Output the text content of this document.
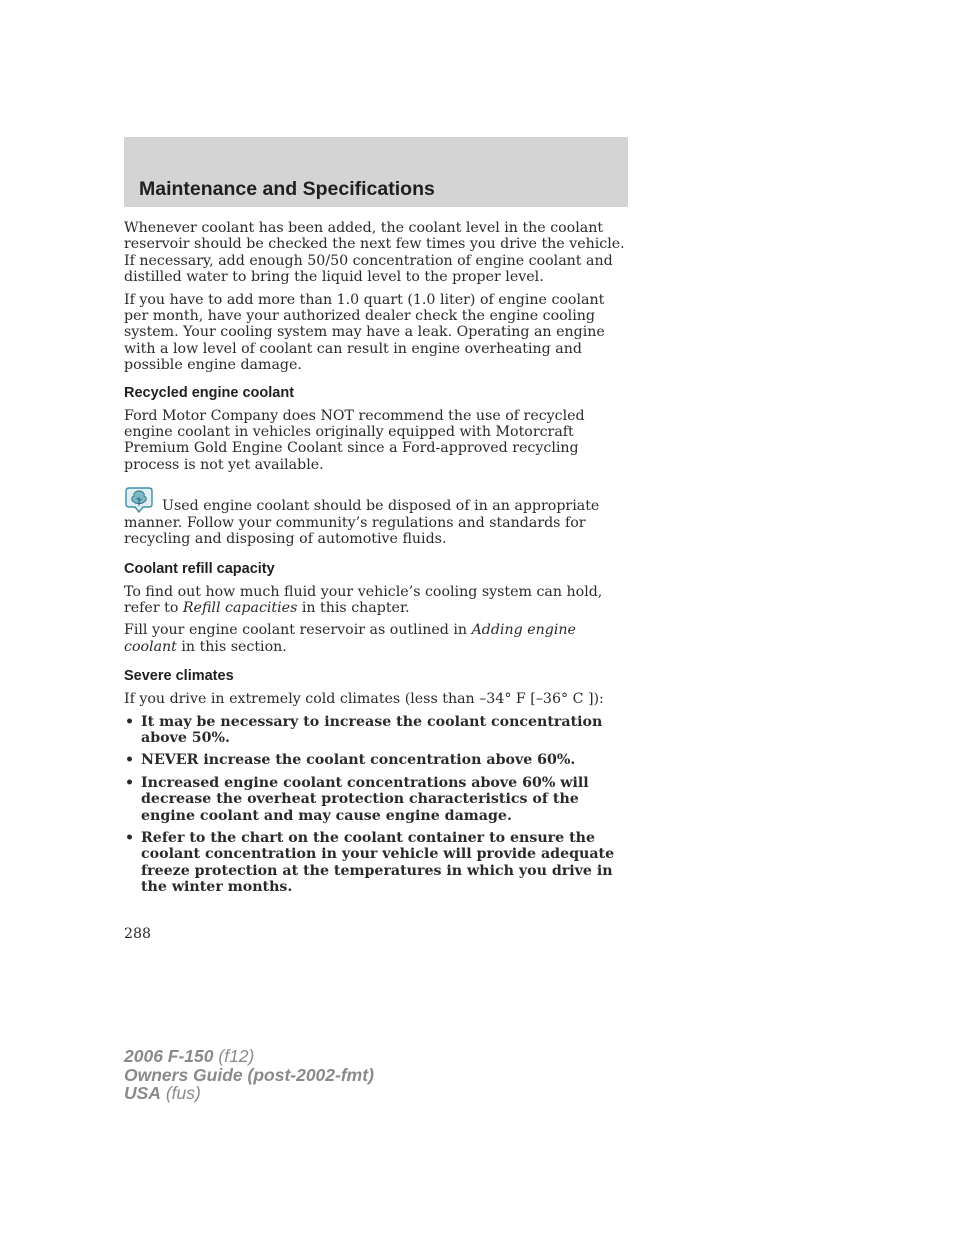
Maintenance and Specifications

Whenever coolant has been added, the coolant level in the coolant reservoir should be checked the next few times you drive the vehicle. If necessary, add enough 50/50 concentration of engine coolant and distilled water to bring the liquid level to the proper level.

If you have to add more than 1.0 quart (1.0 liter) of engine coolant per month, have your authorized dealer check the engine cooling system. Your cooling system may have a leak. Operating an engine with a low level of coolant can result in engine overheating and possible engine damage.

Recycled engine coolant

Ford Motor Company does NOT recommend the use of recycled engine coolant in vehicles originally equipped with Motorcraft Premium Gold Engine Coolant since a Ford-approved recycling process is not yet available.

Used engine coolant should be disposed of in an appropriate manner. Follow your community’s regulations and standards for recycling and disposing of automotive fluids.

Coolant refill capacity

To find out how much fluid your vehicle’s cooling system can hold, refer to Refill capacities in this chapter.

Fill your engine coolant reservoir as outlined in Adding engine coolant in this section.

Severe climates

If you drive in extremely cold climates (less than –34° F [–36° C ]):

• It may be necessary to increase the coolant concentration above 50%.
• NEVER increase the coolant concentration above 60%.
• Increased engine coolant concentrations above 60% will decrease the overheat protection characteristics of the engine coolant and may cause engine damage.
• Refer to the chart on the coolant container to ensure the coolant concentration in your vehicle will provide adequate freeze protection at the temperatures in which you drive in the winter months.

288

2006 F-150 (f12)
Owners Guide (post-2002-fmt)
USA (fus)
